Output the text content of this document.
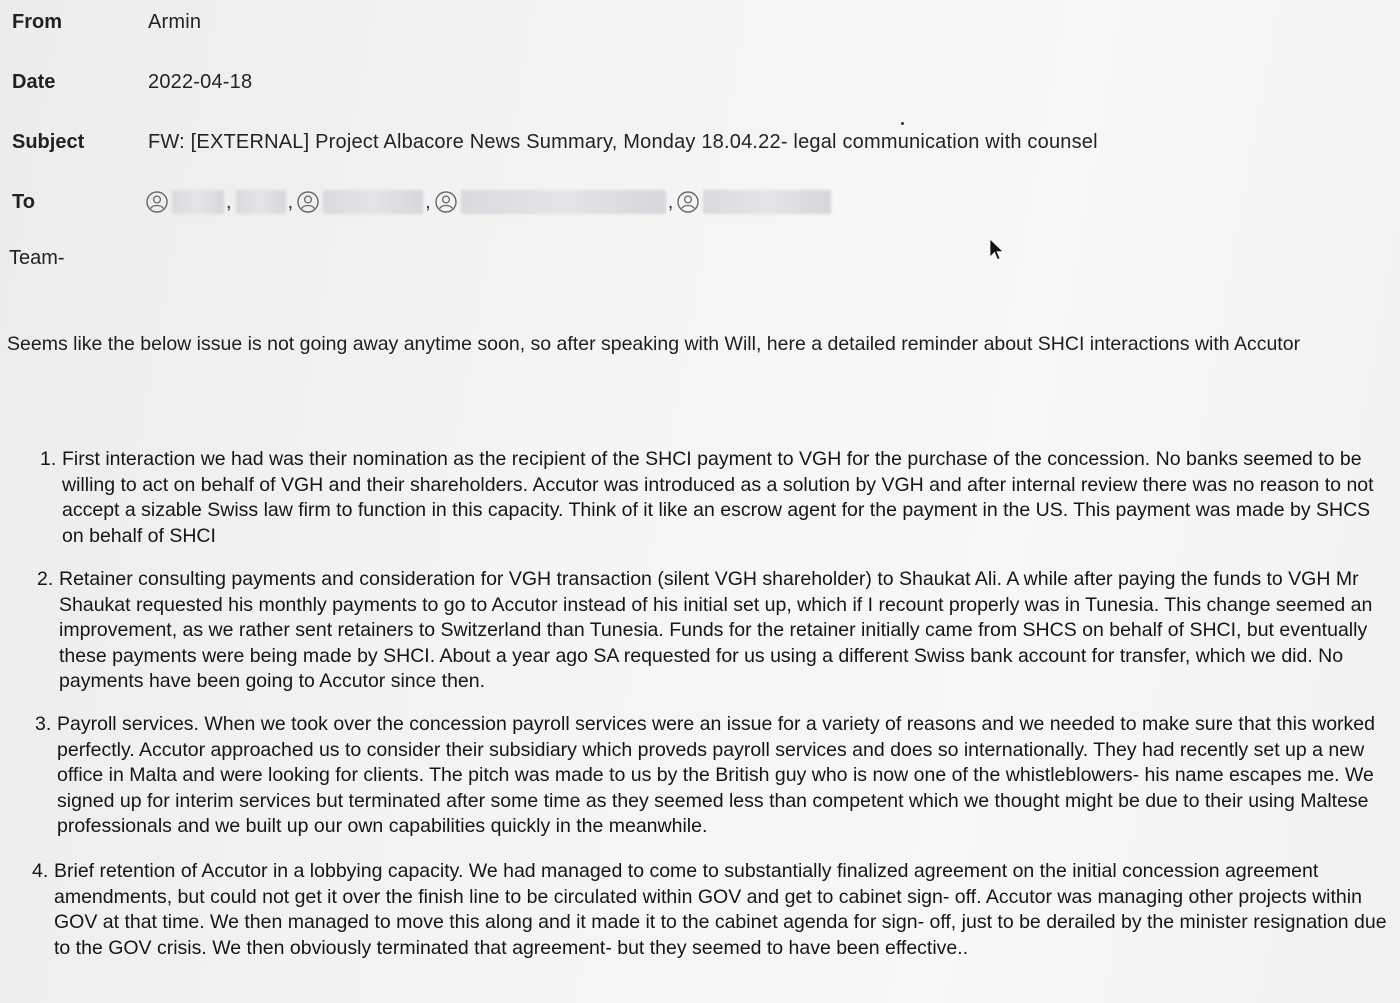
From	Armin
Date	2022-04-18
Subject	FW: [EXTERNAL] Project Albacore News Summary, Monday 18.04.22- legal communication with counsel
To	,	,	,	,
Team-
Seems like the below issue is not going away anytime soon, so after speaking with Will, here a detailed reminder about SHCI interactions with Accutor
1. First interaction we had was their nomination as the recipient of the SHCI payment to VGH for the purchase of the concession. No banks seemed to be willing to act on behalf of VGH and their shareholders. Accutor was introduced as a solution by VGH and after internal review there was no reason to not accept a sizable Swiss law firm to function in this capacity. Think of it like an escrow agent for the payment in the US. This payment was made by SHCS on behalf of SHCI
2. Retainer consulting payments and consideration for VGH transaction (silent VGH shareholder) to Shaukat Ali. A while after paying the funds to VGH Mr Shaukat requested his monthly payments to go to Accutor instead of his initial set up, which if I recount properly was in Tunesia. This change seemed an improvement, as we rather sent retainers to Switzerland than Tunesia. Funds for the retainer initially came from SHCS on behalf of SHCI, but eventually these payments were being made by SHCI. About a year ago SA requested for us using a different Swiss bank account for transfer, which we did. No payments have been going to Accutor since then.
3. Payroll services. When we took over the concession payroll services were an issue for a variety of reasons and we needed to make sure that this worked perfectly. Accutor approached us to consider their subsidiary which proveds payroll services and does so internationally. They had recently set up a new office in Malta and were looking for clients. The pitch was made to us by the British guy who is now one of the whistleblowers- his name escapes me. We signed up for interim services but terminated after some time as they seemed less than competent which we thought might be due to their using Maltese professionals and we built up our own capabilities quickly in the meanwhile.
4. Brief retention of Accutor in a lobbying capacity. We had managed to come to substantially finalized agreement on the initial concession agreement amendments, but could not get it over the finish line to be circulated within GOV and get to cabinet sign- off. Accutor was managing other projects within GOV at that time. We then managed to move this along and it made it to the cabinet agenda for sign- off, just to be derailed by the minister resignation due to the GOV crisis. We then obviously terminated that agreement- but they seemed to have been effective..
